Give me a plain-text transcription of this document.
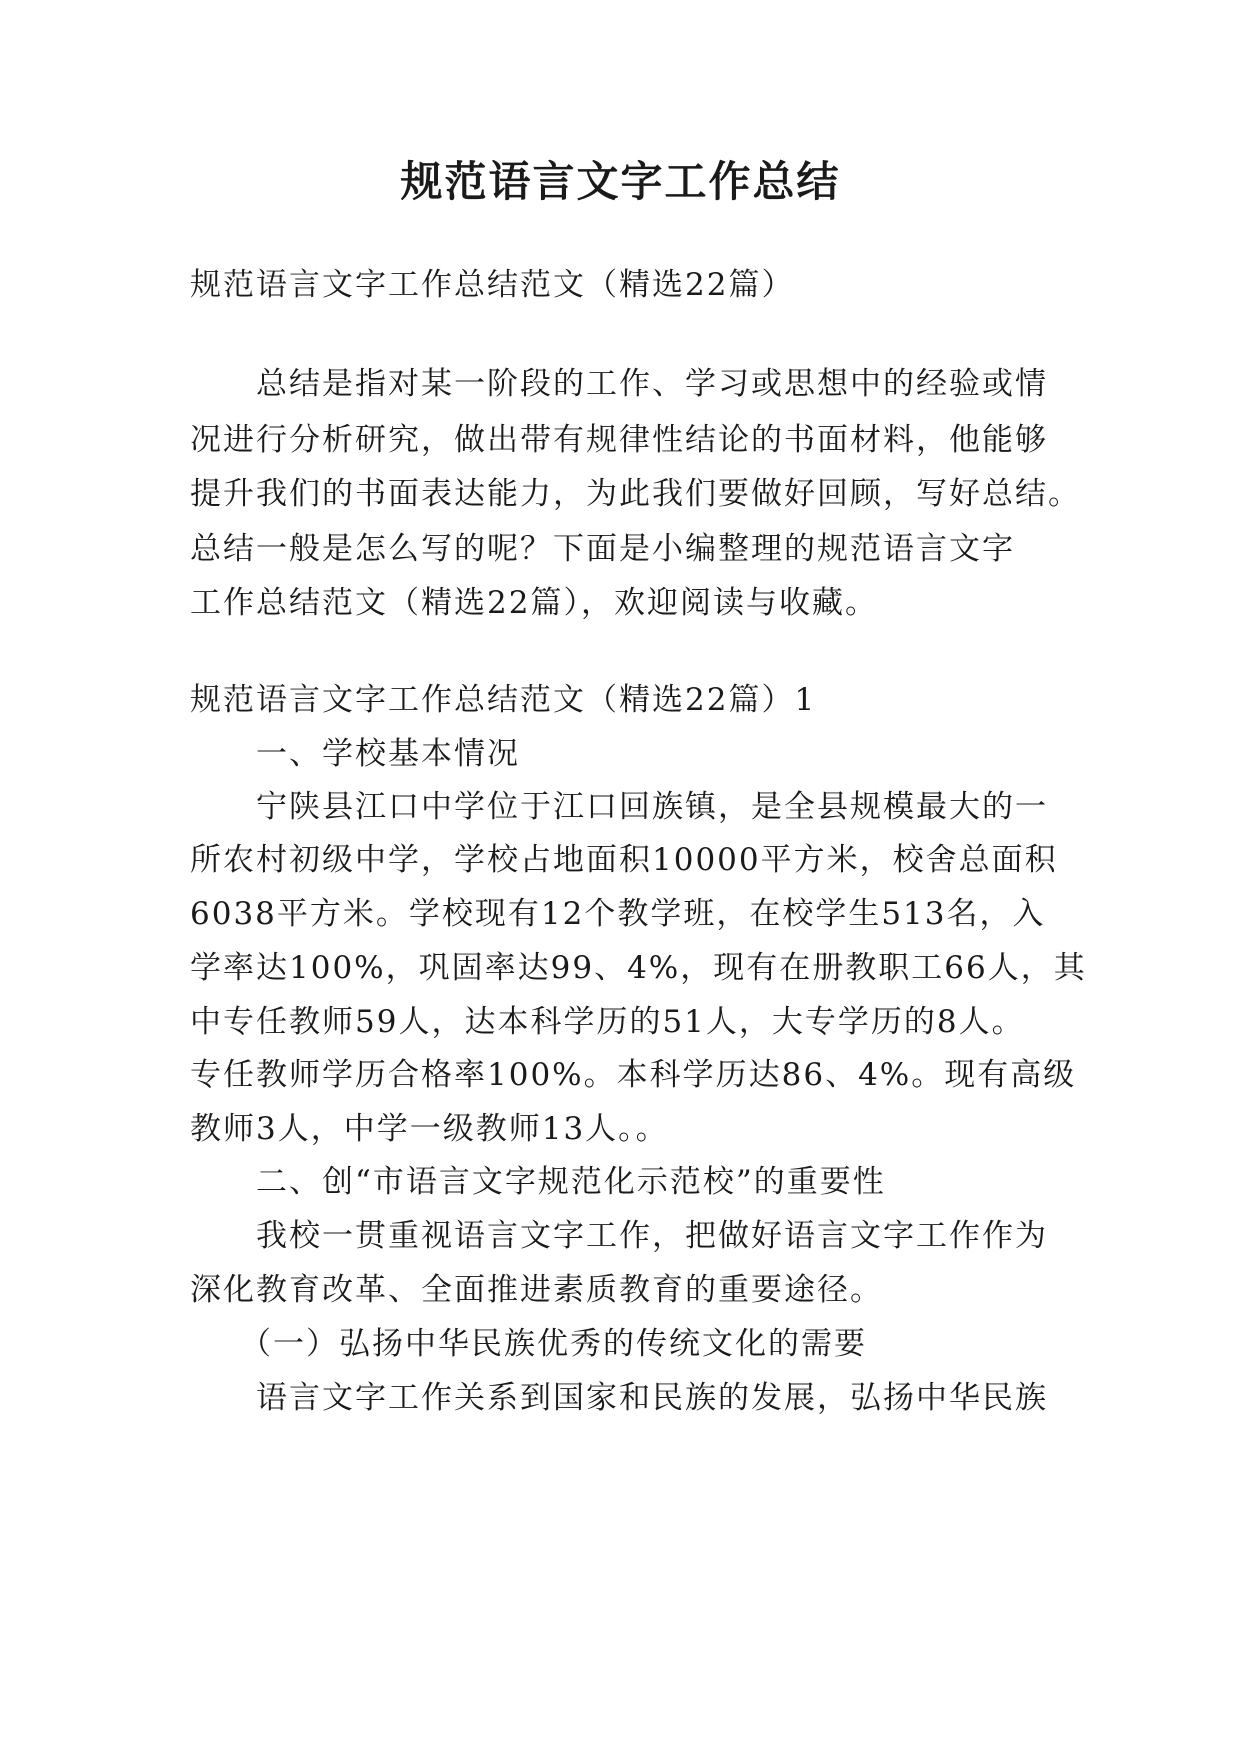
规范语言文字工作总结
规范语言文字工作总结范文（精选22篇）
总结是指对某一阶段的工作、学习或思想中的经验或情
况进行分析研究，做出带有规律性结论的书面材料，他能够
提升我们的书面表达能力，为此我们要做好回顾，写好总结。
总结一般是怎么写的呢？下面是小编整理的规范语言文字
工作总结范文（精选22篇），欢迎阅读与收藏。
规范语言文字工作总结范文（精选22篇）1
一、学校基本情况
宁陕县江口中学位于江口回族镇，是全县规模最大的一
所农村初级中学，学校占地面积10000平方米，校舍总面积
6038平方米。学校现有12个教学班，在校学生513名，入
学率达100%，巩固率达99、4%，现有在册教职工66人，其
中专任教师59人，达本科学历的51人，大专学历的8人。
专任教师学历合格率100%。本科学历达86、4%。现有高级
教师3人，中学一级教师13人。。
二、创“市语言文字规范化示范校”的重要性
我校一贯重视语言文字工作，把做好语言文字工作作为
深化教育改革、全面推进素质教育的重要途径。
（一）弘扬中华民族优秀的传统文化的需要
语言文字工作关系到国家和民族的发展，弘扬中华民族
